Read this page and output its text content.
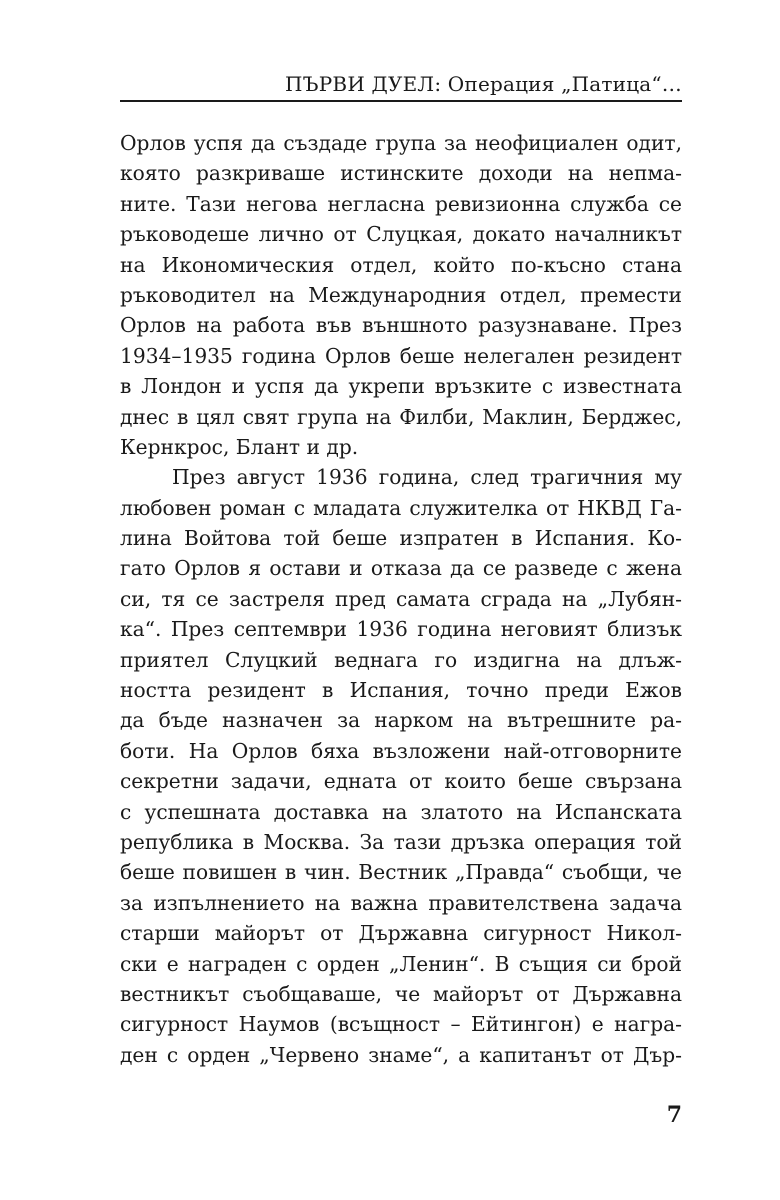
ПЪРВИ ДУЕЛ: Операция „Патица“…
Орлов успя да създаде група за неофициален одит,
която разкриваше истинските доходи на непма-
ните. Тази негова негласна ревизионна служба се
ръководеше лично от Слуцкая, докато началникът
на Икономическия отдел, който по-късно стана
ръководител на Международния отдел, премести
Орлов на работа във външното разузнаване. През
1934–1935 година Орлов беше нелегален резидент
в Лондон и успя да укрепи връзките с известната
днес в цял свят група на Филби, Маклин, Берджес,
Кернкрос, Блант и др.
През август 1936 година, след трагичния му
любовен роман с младата служителка от НКВД Га-
лина Войтова той беше изпратен в Испания. Ко-
гато Орлов я остави и отказа да се разведе с жена
си, тя се застреля пред самата сграда на „Лубян-
ка“. През септември 1936 година неговият близък
приятел Слуцкий веднага го издигна на длъж-
ността резидент в Испания, точно преди Ежов
да бъде назначен за нарком на вътрешните ра-
боти. На Орлов бяха възложени най-отговорните
секретни задачи, едната от които беше свързана
с успешната доставка на златото на Испанската
република в Москва. За тази дръзка операция той
беше повишен в чин. Вестник „Правда“ съобщи, че
за изпълнението на важна правителствена задача
старши майорът от Държавна сигурност Никол-
ски е награден с орден „Ленин“. В същия си брой
вестникът съобщаваше, че майорът от Държавна
сигурност Наумов (всъщност – Ейтингон) е награ-
ден с орден „Червено знаме“, а капитанът от Дър-
7
